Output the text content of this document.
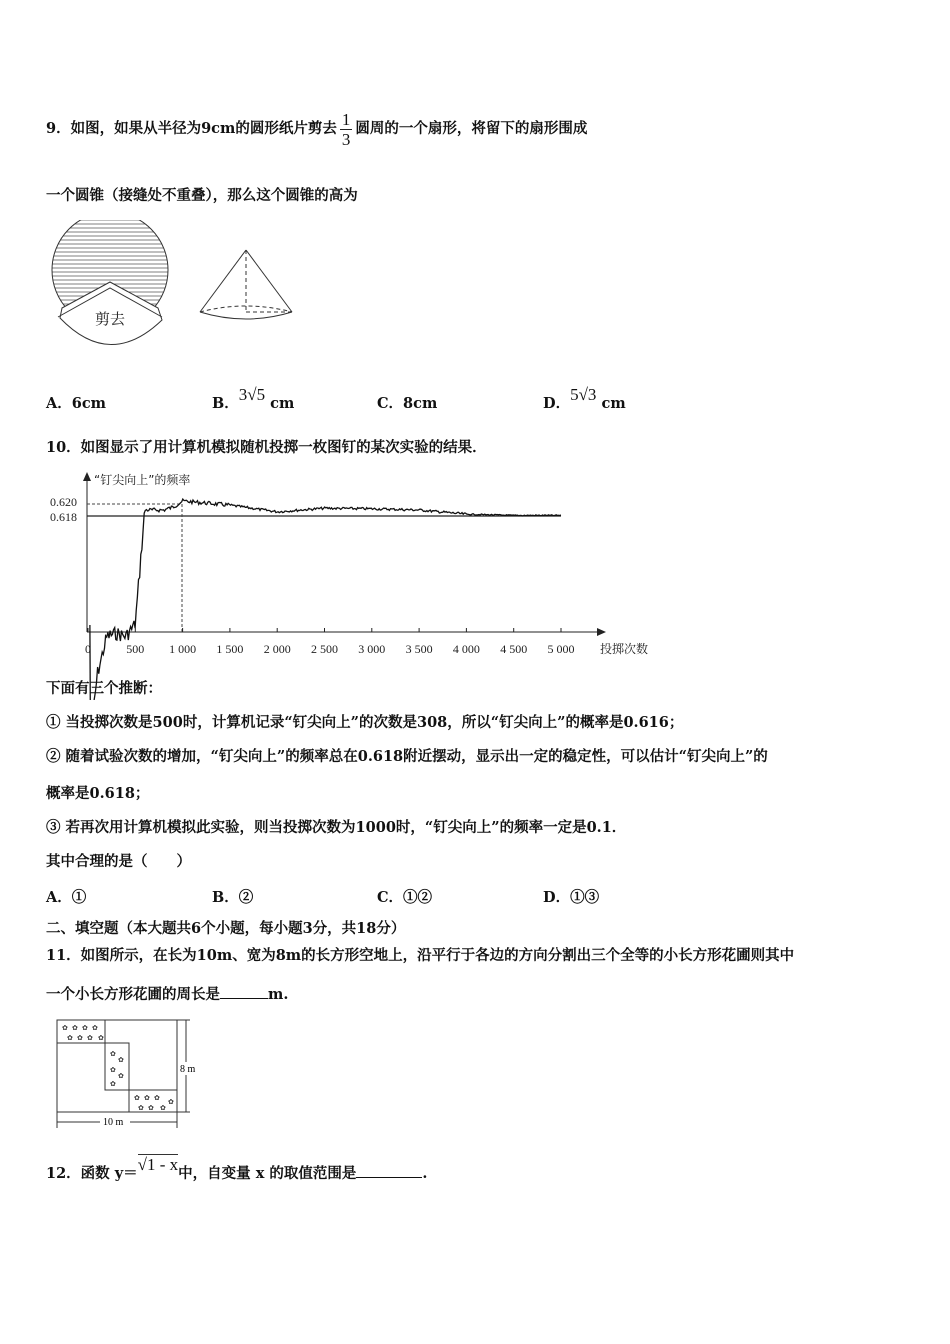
9．如图，如果从半径为9cm的圆形纸片剪去 $\frac{1}{3}$ 圆周的一个扇形，将留下的扇形围成
一个圆锥（接缝处不重叠），那么这个圆锥的高为
剪去
A．6cm	B．3√5 cm	C．8cm	D．5√3 cm
10．如图显示了用计算机模拟随机投掷一枚图钉的某次实验的结果．
“钉尖向上”的频率
投掷次数
0.620
0.618
0	500 1 000 1 500 2 000 2 500 3 000 3 500 4 000 4 500 5 000
下面有三个推断：
① 当投掷次数是500时，计算机记录“钉尖向上”的次数是308，所以“钉尖向上”的概率是0.616；
② 随着试验次数的增加，“钉尖向上”的频率总在0.618附近摆动，显示出一定的稳定性，可以估计“钉尖向上”的
概率是0.618；
③ 若再次用计算机模拟此实验，则当投掷次数为1000时，“钉尖向上”的频率一定是0.1．
其中合理的是（　　）
A．①	B．②	C．①②	D．①③
二、填空题（本大题共6个小题，每小题3分，共18分）
11．如图所示，在长为10m、宽为8m的长方形空地上，沿平行于各边的方向分割出三个全等的小长方形花圃则其中
一个小长方形花圃的周长是	m.
✿ ✿ ✿ ✿
✿ ✿ ✿ ✿
✿
✿
✿
✿
✿
✿ ✿ ✿
✿ ✿ ✿
✿
8 m
10 m
12．函数 y＝√1 - x中，自变量 x 的取值范围是	.
